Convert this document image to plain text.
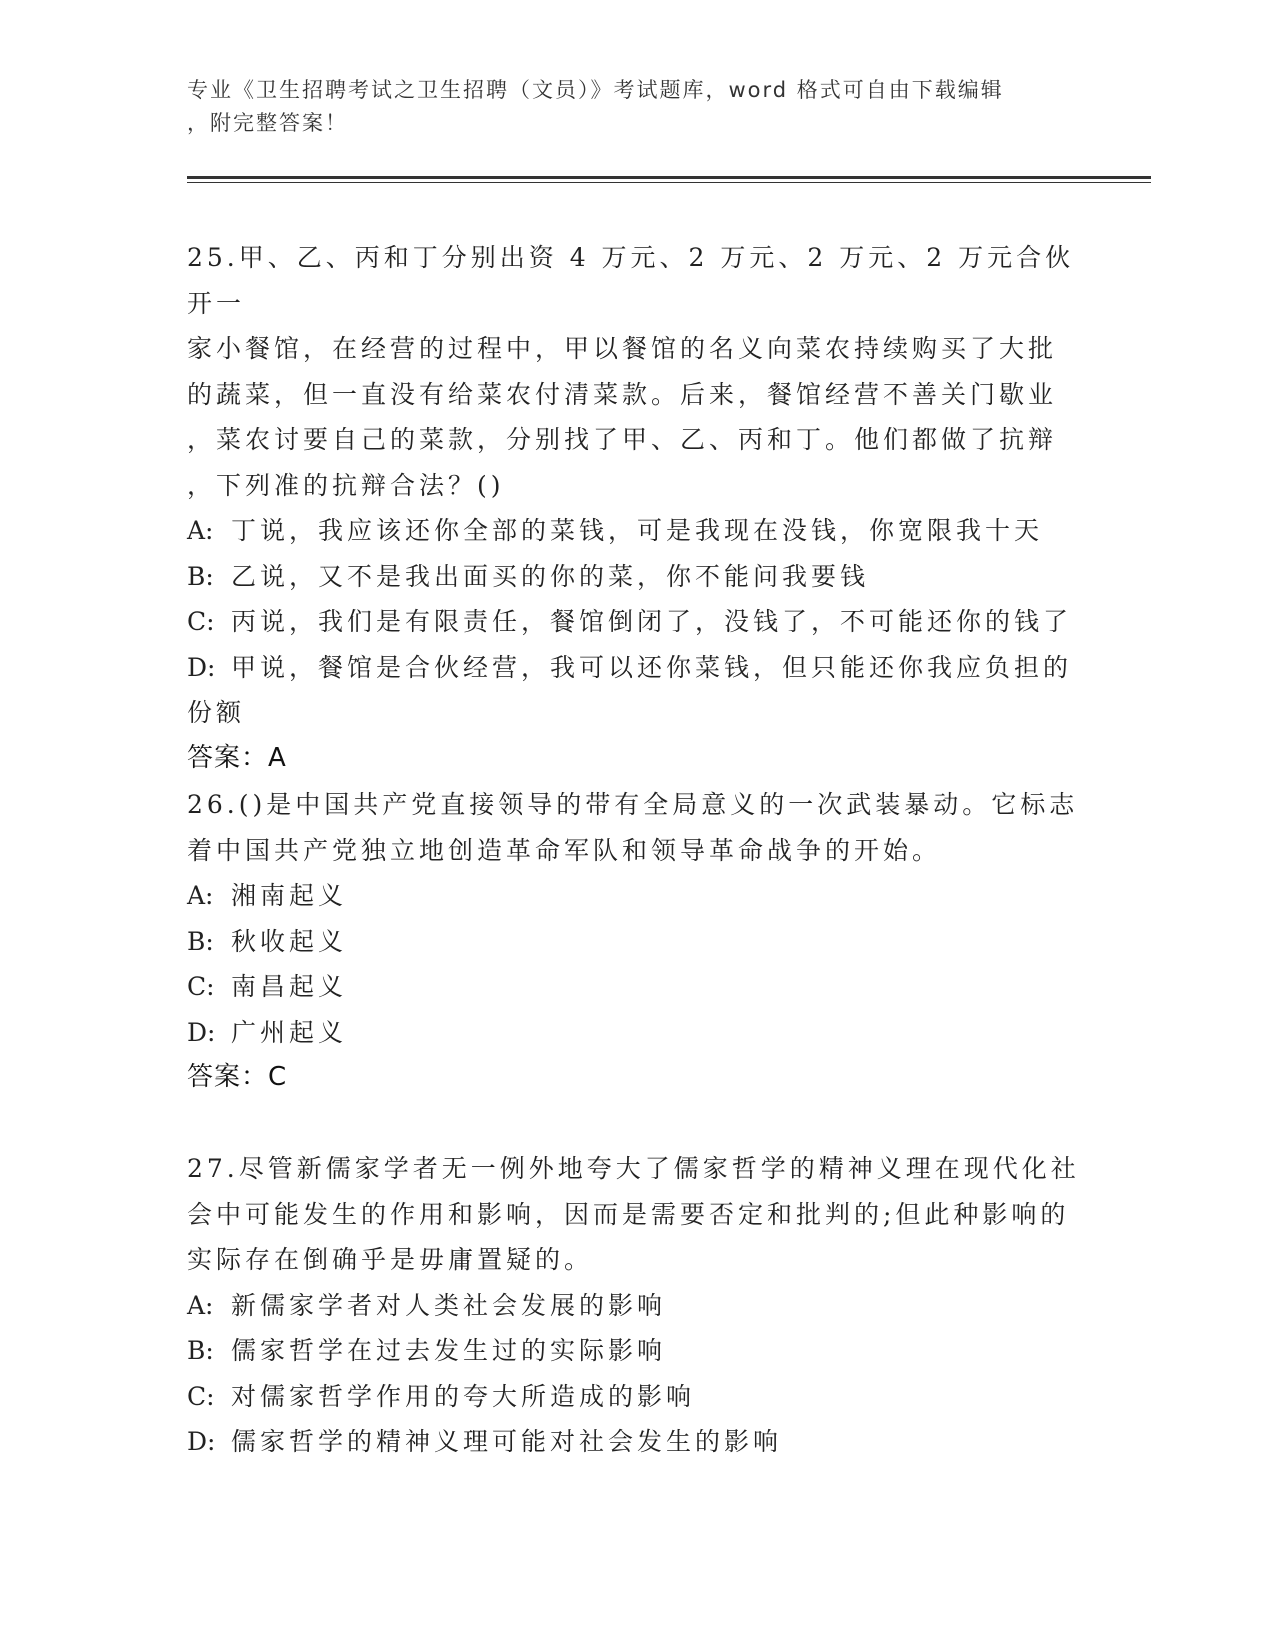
专业《卫生招聘考试之卫生招聘（文员）》考试题库，word 格式可自由下载编辑
，附完整答案！
25.甲、乙、丙和丁分别出资 4 万元、2 万元、2 万元、2 万元合伙开一
家小餐馆，在经营的过程中，甲以餐馆的名义向菜农持续购买了大批
的蔬菜，但一直没有给菜农付清菜款。后来，餐馆经营不善关门歇业
，菜农讨要自己的菜款，分别找了甲、乙、丙和丁。他们都做了抗辩
，下列准的抗辩合法？()
A: 丁说，我应该还你全部的菜钱，可是我现在没钱，你宽限我十天
B: 乙说，又不是我出面买的你的菜，你不能问我要钱
C: 丙说，我们是有限责任，餐馆倒闭了，没钱了，不可能还你的钱了
D: 甲说，餐馆是合伙经营，我可以还你菜钱，但只能还你我应负担的
份额
答案：A
26.()是中国共产党直接领导的带有全局意义的一次武装暴动。它标志
着中国共产党独立地创造革命军队和领导革命战争的开始。
A: 湘南起义
B: 秋收起义
C: 南昌起义
D: 广州起义
答案：C
27.尽管新儒家学者无一例外地夸大了儒家哲学的精神义理在现代化社
会中可能发生的作用和影响，因而是需要否定和批判的;但此种影响的
实际存在倒确乎是毋庸置疑的。
A: 新儒家学者对人类社会发展的影响
B: 儒家哲学在过去发生过的实际影响
C: 对儒家哲学作用的夸大所造成的影响
D: 儒家哲学的精神义理可能对社会发生的影响
